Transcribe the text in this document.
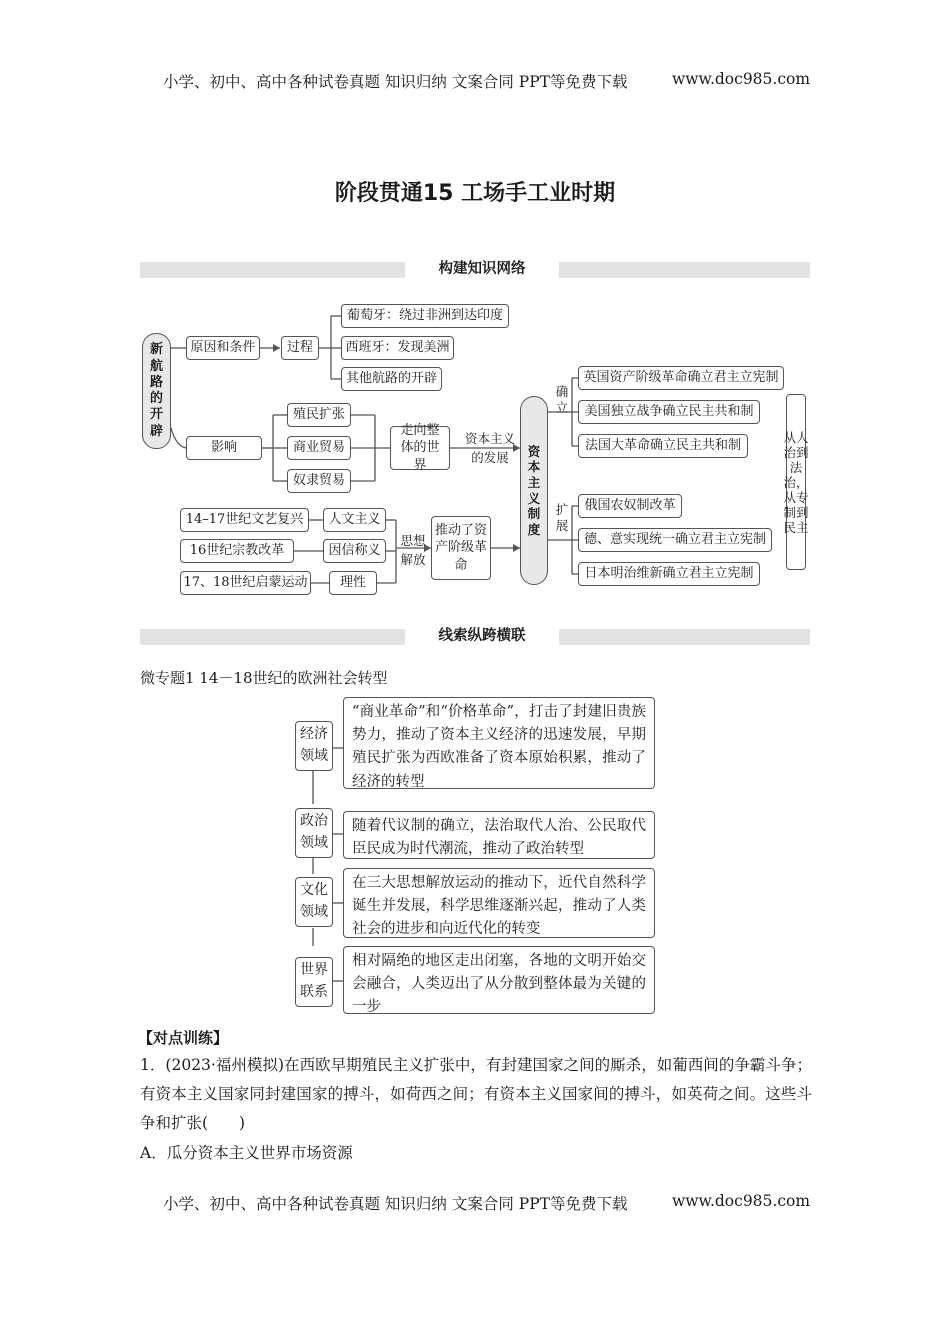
小学、初中、高中各种试卷真题 知识归纳 文案合同 PPT等免费下载	www.doc985.com
阶段贯通15 工场手工业时期
构建知识网络
新航路的开辟
原因和条件	过程
葡萄牙：绕过非洲到达印度
西班牙：发现美洲
其他航路的开辟
影响
殖民扩张
商业贸易
奴隶贸易
走向整体的世界
资本主义的发展	资本主义制度
确立
扩展
英国资产阶级革命确立君主立宪制
美国独立战争确立民主共和制
法国大革命确立民主共和制
俄国农奴制改革
德、意实现统一确立君主立宪制
日本明治维新确立君主立宪制
从人治到法治，从专制到民主
14–17世纪文艺复兴
16世纪宗教改革
17、18世纪启蒙运动
人文主义
因信称义
理性
思想解放
推动了资产阶级革命
线索纵跨横联
微专题1 14－18世纪的欧洲社会转型
经济领域
“商业革命”和“价格革命”，打击了封建旧贵族势力，推动了资本主义经济的迅速发展，早期殖民扩张为西欧准备了资本原始积累，推动了经济的转型
政治领域
随着代议制的确立，法治取代人治、公民取代臣民成为时代潮流，推动了政治转型
文化领域
在三大思想解放运动的推动下，近代自然科学诞生并发展，科学思维逐渐兴起，推动了人类社会的进步和向近代化的转变
世界联系
相对隔绝的地区走出闭塞，各地的文明开始交会融合，人类迈出了从分散到整体最为关键的一步
【对点训练】
1．(2023·福州模拟)在西欧早期殖民主义扩张中，有封建国家之间的厮杀，如葡西间的争霸斗争；有资本主义国家同封建国家的搏斗，如荷西之间；有资本主义国家间的搏斗，如英荷之间。这些斗争和扩张(　　)
A．瓜分资本主义世界市场资源
小学、初中、高中各种试卷真题 知识归纳 文案合同 PPT等免费下载	www.doc985.com
